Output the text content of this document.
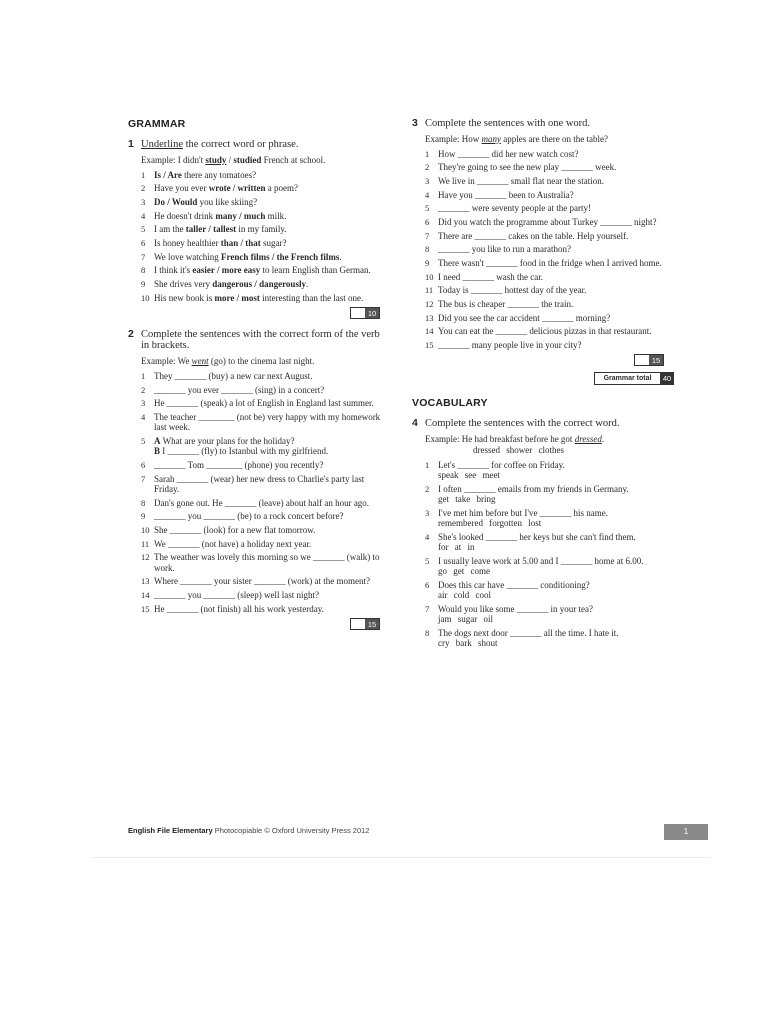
GRAMMAR
1 Underline the correct word or phrase.
Example: I didn't study / studied French at school.
1 Is / Are there any tomatoes?
2 Have you ever wrote / written a poem?
3 Do / Would you like skiing?
4 He doesn't drink many / much milk.
5 I am the taller / tallest in my family.
6 Is honey healthier than / that sugar?
7 We love watching French films / the French films.
8 I think it's easier / more easy to learn English than German.
9 She drives very dangerous / dangerously.
10 His new book is more / most interesting than the last one.
10
2 Complete the sentences with the correct form of the verb in brackets.
Example: We went (go) to the cinema last night.
1 They _______ (buy) a new car next August.
2 _______ you ever _______ (sing) in a concert?
3 He _______ (speak) a lot of English in England last summer.
4 The teacher ________ (not be) very happy with my homework last week.
5 A What are your plans for the holiday?
B I _______ (fly) to Istanbul with my girlfriend.
6 _______ Tom ________ (phone) you recently?
7 Sarah _______ (wear) her new dress to Charlie's party last Friday.
8 Dan's gone out. He _______ (leave) about half an hour ago.
9 _______ you _______ (be) to a rock concert before?
10 She _______ (look) for a new flat tomorrow.
11 We _______ (not have) a holiday next year.
12 The weather was lovely this morning so we _______ (walk) to work.
13 Where _______ your sister _______ (work) at the moment?
14 _______ you _______ (sleep) well last night?
15 He _______ (not finish) all his work yesterday.
15
3 Complete the sentences with one word.
Example: How many apples are there on the table?
1 How _______ did her new watch cost?
2 They're going to see the new play _______ week.
3 We live in _______ small flat near the station.
4 Have you _______ been to Australia?
5 _______ were seventy people at the party!
6 Did you watch the programme about Turkey _______ night?
7 There are _______ cakes on the table. Help yourself.
8 _______ you like to run a marathon?
9 There wasn't _______ food in the fridge when I arrived home.
10 I need _______ wash the car.
11 Today is _______ hottest day of the year.
12 The bus is cheaper _______ the train.
13 Did you see the car accident _______ morning?
14 You can eat the _______ delicious pizzas in that restaurant.
15 _______ many people live in your city?
15
Grammar total	40
VOCABULARY
4 Complete the sentences with the correct word.
Example: He had breakfast before he got dressed.
dressed shower clothes
1 Let's _______ for coffee on Friday.
speak see meet
2 I often _______ emails from my friends in Germany.
get take bring
3 I've met him before but I've _______ his name.
remembered forgotten lost
4 She's looked _______ her keys but she can't find them.
for at in
5 I usually leave work at 5.00 and I _______ home at 6.00.
go get come
6 Does this car have _______ conditioning?
air cold cool
7 Would you like some _______ in your tea?
jam sugar oil
8 The dogs next door _______ all the time. I hate it.
cry bark shout
English File Elementary Photocopiable © Oxford University Press 2012	1
